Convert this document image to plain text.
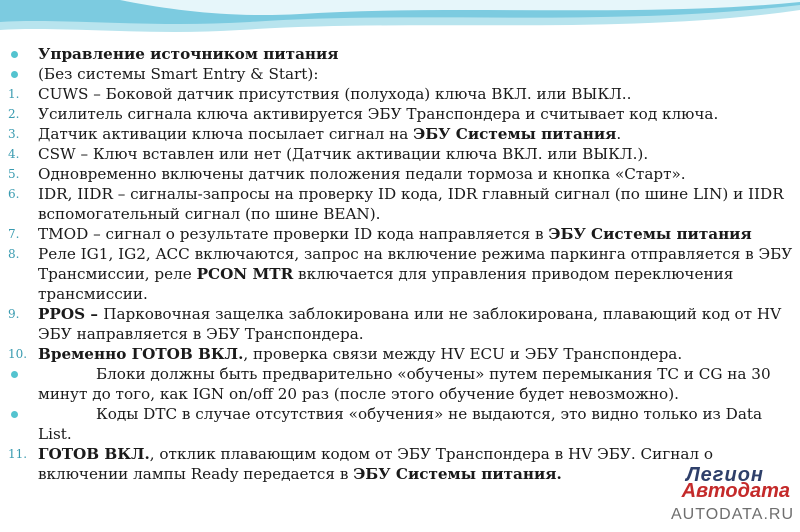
Управление источником питания
(Без системы Smart Entry & Start):
1.	CUWS – Боковой датчик присутствия (полуходa) ключа ВКЛ. или ВЫКЛ..
2.	Усилитель сигнала ключа активируется ЭБУ Транспондера и считывает код ключа.
3.	Датчик активации ключа посылает сигнал на ЭБУ Системы питания.
4.	CSW – Ключ вставлен или нет (Датчик активации ключа ВКЛ. или ВЫКЛ.).
5.	Одновременно включены датчик положения педали тормоза и кнопка «Старт».
6.	IDR, IIDR – сигналы-запросы на проверку ID кода, IDR главный сигнал (по шине LIN) и IIDR вспомогательный сигнал (по шине BEAN).
7.	TMOD – сигнал о результате проверки ID кода направляется в ЭБУ Системы питания
8.	Реле IG1, IG2, ACC включаются, запрос на включение режима паркинга отправляется в ЭБУ Трансмиссии, реле PCON MTR включается для управления приводом переключения трансмиссии.
9.	PPOS – Парковочная защелка заблокирована или не заблокирована, плавающий код от HV ЭБУ направляется в ЭБУ Транспондера.
10. Временно ГОТОВ ВКЛ., проверка связи между HV ECU и ЭБУ Транспондера.
Блоки должны быть предварительно «обучены» путем перемыкания TC и CG на 30 минут до того, как IGN on/off 20 раз (после этого обучение будет невозможно).
Коды DTC в случае отсутствия «обучения» не выдаются, это видно только из Data List.
11. ГОТОВ ВКЛ., отклик плавающим кодом от ЭБУ Транспондера в HV ЭБУ. Сигнал о включении лампы Ready передается в ЭБУ Системы питания.	Легион
Автодата
AUTODATA.RU
